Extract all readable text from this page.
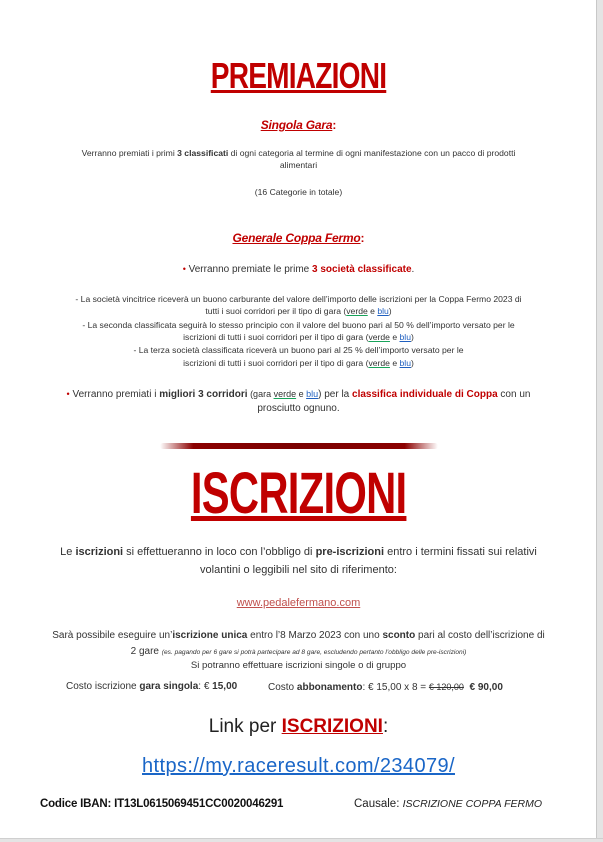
PREMIAZIONI
Singola Gara:
Verranno premiati i primi 3 classificati di ogni categoria al termine di ogni manifestazione con un pacco di prodotti
alimentari
(16 Categorie in totale)
Generale Coppa Fermo:
• Verranno premiate le prime 3 società classificate.
- La società vincitrice riceverà un buono carburante del valore dell’importo delle iscrizioni per la Coppa Fermo 2023 di
tutti i suoi corridori per il tipo di gara (verde e blu)
- La seconda classificata seguirà lo stesso principio con il valore del buono pari al 50 % dell’importo versato per le
iscrizioni di tutti i suoi corridori per il tipo di gara (verde e blu)
- La terza società classificata riceverà un buono pari al 25 % dell’importo versato per le
iscrizioni di tutti i suoi corridori per il tipo di gara (verde e blu)
• Verranno premiati i migliori 3 corridori (gara verde e blu) per la classifica individuale di Coppa con un
prosciutto ognuno.
ISCRIZIONI
Le iscrizioni si effettueranno in loco con l’obbligo di pre-iscrizioni entro i termini fissati sui relativi
volantini o leggibili nel sito di riferimento:
www.pedalefermano.com
Sarà possibile eseguire un’iscrizione unica entro l’8 Marzo 2023 con uno sconto pari al costo dell’iscrizione di
2 gare (es. pagando per 6 gare si potrà partecipare ad 8 gare, escludendo pertanto l’obbligo delle pre-iscrizioni)
Si potranno effettuare iscrizioni singole o di gruppo
Costo iscrizione gara singola: € 15,00	Costo abbonamento: € 15,00 x 8 = € 120,00 € 90,00
Link per ISCRIZIONI:
https://my.raceresult.com/234079/
Codice IBAN: IT13L0615069451CC0020046291	Causale: ISCRIZIONE COPPA FERMO
